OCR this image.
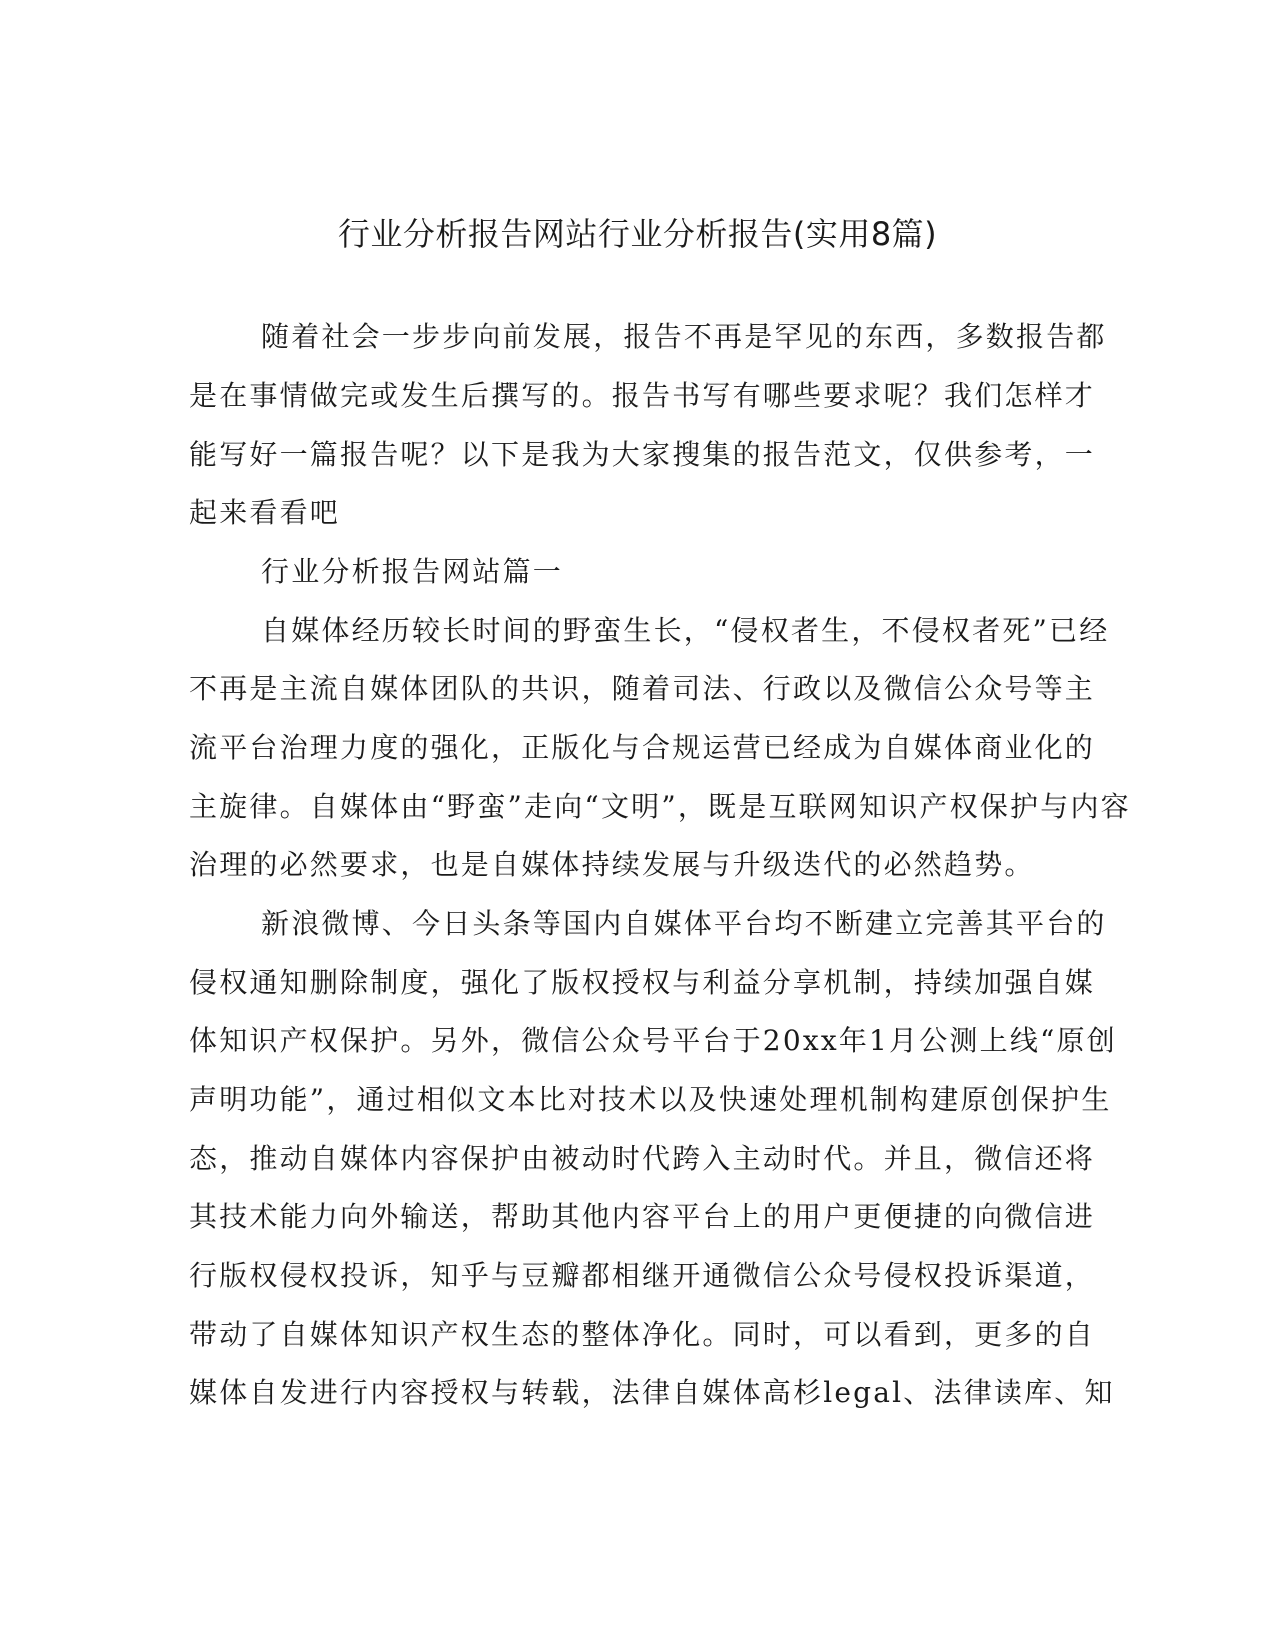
行业分析报告网站行业分析报告(实用8篇)
随着社会一步步向前发展，报告不再是罕见的东西，多数报告都
是在事情做完或发生后撰写的。报告书写有哪些要求呢？我们怎样才
能写好一篇报告呢？以下是我为大家搜集的报告范文，仅供参考，一
起来看看吧
行业分析报告网站篇一
自媒体经历较长时间的野蛮生长，“侵权者生，不侵权者死”已经
不再是主流自媒体团队的共识，随着司法、行政以及微信公众号等主
流平台治理力度的强化，正版化与合规运营已经成为自媒体商业化的
主旋律。自媒体由“野蛮”走向“文明”，既是互联网知识产权保护与内容
治理的必然要求，也是自媒体持续发展与升级迭代的必然趋势。
新浪微博、今日头条等国内自媒体平台均不断建立完善其平台的
侵权通知删除制度，强化了版权授权与利益分享机制，持续加强自媒
体知识产权保护。另外，微信公众号平台于20xx年1月公测上线“原创
声明功能”，通过相似文本比对技术以及快速处理机制构建原创保护生
态，推动自媒体内容保护由被动时代跨入主动时代。并且，微信还将
其技术能力向外输送，帮助其他内容平台上的用户更便捷的向微信进
行版权侵权投诉，知乎与豆瓣都相继开通微信公众号侵权投诉渠道，
带动了自媒体知识产权生态的整体净化。同时，可以看到，更多的自
媒体自发进行内容授权与转载，法律自媒体高杉legal、法律读库、知
